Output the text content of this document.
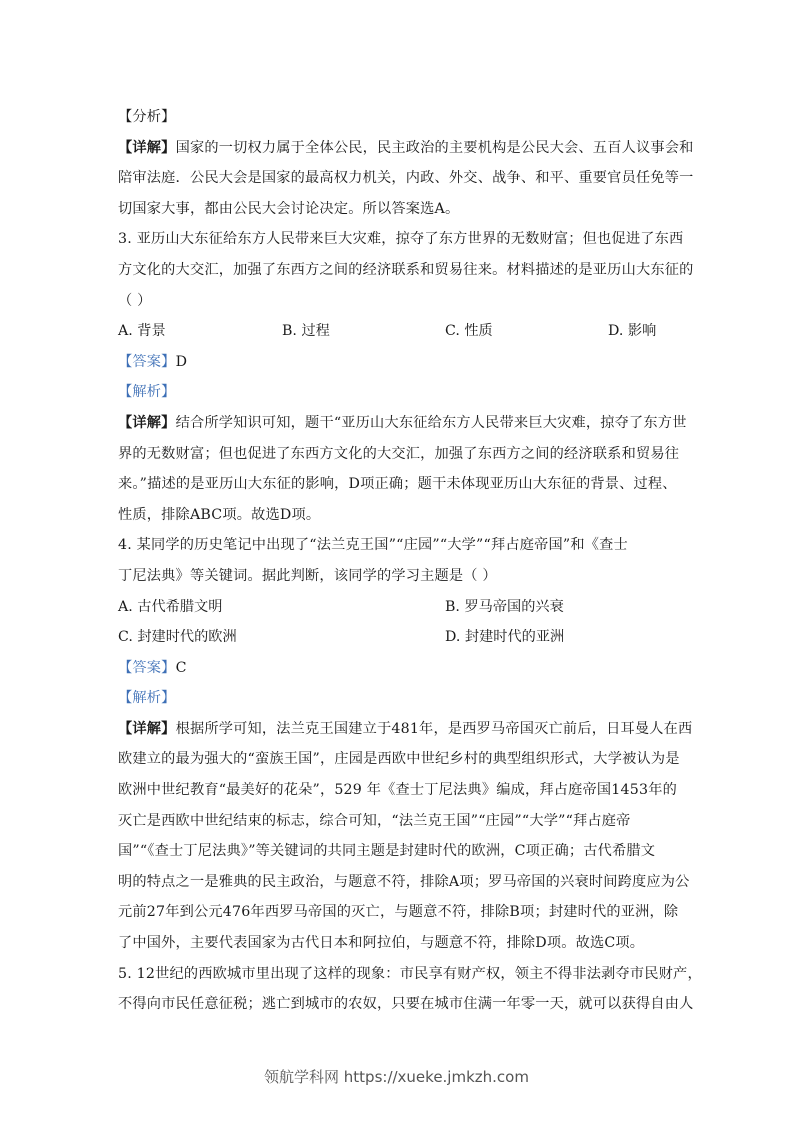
【分析】
【详解】国家的一切权力属于全体公民，民主政治的主要机构是公民大会、五百人议事会和
陪审法庭．公民大会是国家的最高权力机关，内政、外交、战争、和平、重要官员任免等一
切国家大事，都由公民大会讨论决定。所以答案选A。
3. 亚历山大东征给东方人民带来巨大灾难，掠夺了东方世界的无数财富；但也促进了东西
方文化的大交汇，加强了东西方之间的经济联系和贸易往来。材料描述的是亚历山大东征的
（ ）
A. 背景	B. 过程	C. 性质	D. 影响
【答案】D
【解析】
【详解】结合所学知识可知，题干“亚历山大东征给东方人民带来巨大灾难，掠夺了东方世
界的无数财富；但也促进了东西方文化的大交汇，加强了东西方之间的经济联系和贸易往
来。”描述的是亚历山大东征的影响，D项正确；题干未体现亚历山大东征的背景、过程、
性质，排除ABC项。故选D项。
4. 某同学的历史笔记中出现了“法兰克王国”“庄园”“大学”“拜占庭帝国”和《查士
丁尼法典》等关键词。据此判断，该同学的学习主题是（ ）
A. 古代希腊文明	B. 罗马帝国的兴衰
C. 封建时代的欧洲	D. 封建时代的亚洲
【答案】C
【解析】
【详解】根据所学可知，法兰克王国建立于481年，是西罗马帝国灭亡前后，日耳曼人在西
欧建立的最为强大的“蛮族王国”，庄园是西欧中世纪乡村的典型组织形式，大学被认为是
欧洲中世纪教育“最美好的花朵”，529 年《查士丁尼法典》编成，拜占庭帝国1453年的
灭亡是西欧中世纪结束的标志，综合可知，“法兰克王国”“庄园”“大学”“拜占庭帝
国”“《查士丁尼法典》”等关键词的共同主题是封建时代的欧洲，C项正确；古代希腊文
明的特点之一是雅典的民主政治，与题意不符，排除A项；罗马帝国的兴衰时间跨度应为公
元前27年到公元476年西罗马帝国的灭亡，与题意不符，排除B项；封建时代的亚洲，除
了中国外，主要代表国家为古代日本和阿拉伯，与题意不符，排除D项。故选C项。
5. 12世纪的西欧城市里出现了这样的现象：市民享有财产权，领主不得非法剥夺市民财产，
不得向市民任意征税；逃亡到城市的农奴，只要在城市住满一年零一天，就可以获得自由人
领航学科网 https://xueke.jmkzh.com
